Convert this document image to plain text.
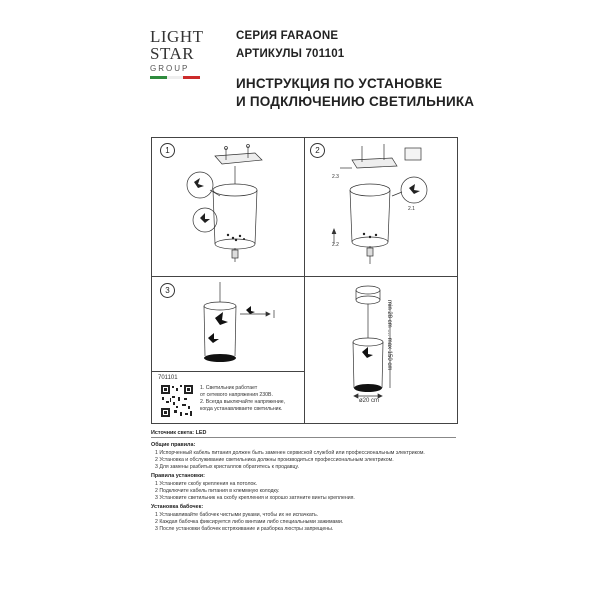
LIGHT
STAR
GROUP
СЕРИЯ FARAONE
АРТИКУЛЫ 701101
ИНСТРУКЦИЯ ПО УСТАНОВКЕ
И ПОДКЛЮЧЕНИЮ СВЕТИЛЬНИКА
1	2
3
2.3
2.1
2.2
min 28 cm .... max 150 cm
ø20 cm
701101
1. Светильник работает
от сетевого напряжения 230В.
2. Всегда выключайте напряжение,
когда устанавливаете светильник.
Источник света: LED
Общие правила:
1 Испорченный кабель питания должен быть заменен сервисной службой или профессиональным электриком.
2 Установка и обслуживание светильника должны производиться профессиональным электриком.
3 Для замены разбитых кристаллов обратитесь к продавцу.
Правила установки:
1 Установите скобу крепления на потолок.
2 Подключите кабель питания в клеммную колодку.
3 Установите светильник на скобу крепления и хорошо затяните винты крепления.
Установка бабочек:
1 Устанавливайте бабочек чистыми руками, чтобы их не испачкать.
2 Каждая бабочка фиксируется либо винтами либо специальными зажимами.
3 После установки бабочек встряхивание и разборка люстры запрещены.
